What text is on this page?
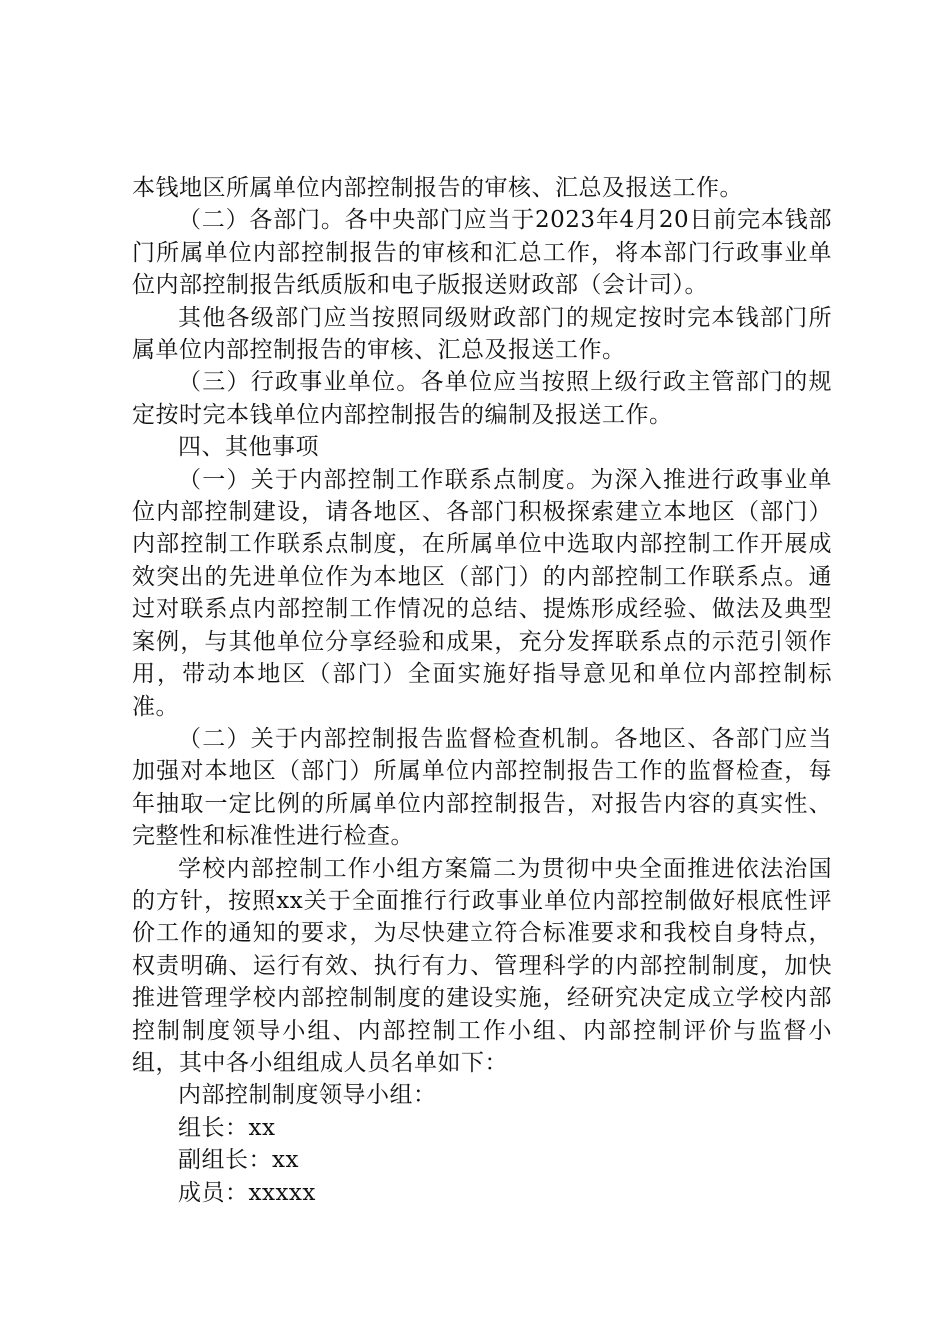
本钱地区所属单位内部控制报告的审核、汇总及报送工作。

（二）各部门。各中央部门应当于2023年4月20日前完本钱部门所属单位内部控制报告的审核和汇总工作，将本部门行政事业单位内部控制报告纸质版和电子版报送财政部（会计司）。

其他各级部门应当按照同级财政部门的规定按时完本钱部门所属单位内部控制报告的审核、汇总及报送工作。

（三）行政事业单位。各单位应当按照上级行政主管部门的规定按时完本钱单位内部控制报告的编制及报送工作。

四、其他事项

（一）关于内部控制工作联系点制度。为深入推进行政事业单位内部控制建设，请各地区、各部门积极探索建立本地区（部门）内部控制工作联系点制度，在所属单位中选取内部控制工作开展成效突出的先进单位作为本地区（部门）的内部控制工作联系点。通过对联系点内部控制工作情况的总结、提炼形成经验、做法及典型案例，与其他单位分享经验和成果，充分发挥联系点的示范引领作用，带动本地区（部门）全面实施好指导意见和单位内部控制标准。

（二）关于内部控制报告监督检查机制。各地区、各部门应当加强对本地区（部门）所属单位内部控制报告工作的监督检查，每年抽取一定比例的所属单位内部控制报告，对报告内容的真实性、完整性和标准性进行检查。

学校内部控制工作小组方案篇二为贯彻中央全面推进依法治国的方针，按照xx关于全面推行行政事业单位内部控制做好根底性评价工作的通知的要求，为尽快建立符合标准要求和我校自身特点，权责明确、运行有效、执行有力、管理科学的内部控制制度，加快推进管理学校内部控制制度的建设实施，经研究决定成立学校内部控制制度领导小组、内部控制工作小组、内部控制评价与监督小组，其中各小组组成人员名单如下：

内部控制制度领导小组：
组长：xx
副组长：xx
成员：xxxxx
